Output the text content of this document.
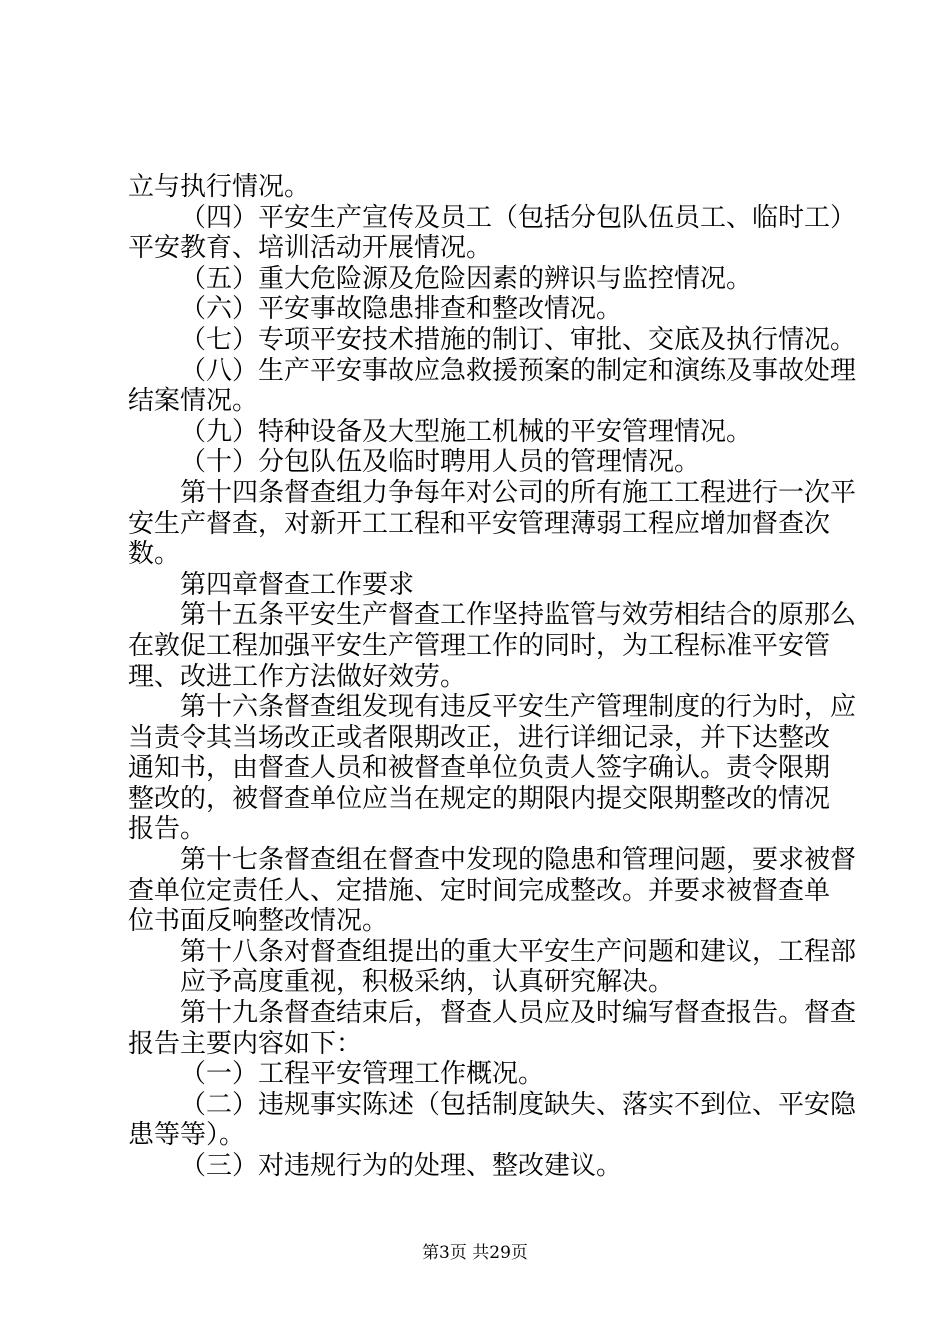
立与执行情况。
（四）平安生产宣传及员工（包括分包队伍员工、临时工）
平安教育、培训活动开展情况。
（五）重大危险源及危险因素的辨识与监控情况。
（六）平安事故隐患排查和整改情况。
（七）专项平安技术措施的制订、审批、交底及执行情况。
（八）生产平安事故应急救援预案的制定和演练及事故处理
结案情况。
（九）特种设备及大型施工机械的平安管理情况。
（十）分包队伍及临时聘用人员的管理情况。
第十四条督查组力争每年对公司的所有施工工程进行一次平
安生产督查，对新开工工程和平安管理薄弱工程应增加督查次
数。
第四章督查工作要求
第十五条平安生产督查工作坚持监管与效劳相结合的原那么
在敦促工程加强平安生产管理工作的同时，为工程标准平安管
理、改进工作方法做好效劳。
第十六条督查组发现有违反平安生产管理制度的行为时，应
当责令其当场改正或者限期改正，进行详细记录，并下达整改
通知书，由督查人员和被督查单位负责人签字确认。责令限期
整改的，被督查单位应当在规定的期限内提交限期整改的情况
报告。
第十七条督查组在督查中发现的隐患和管理问题，要求被督
查单位定责任人、定措施、定时间完成整改。并要求被督查单
位书面反响整改情况。
第十八条对督查组提出的重大平安生产问题和建议，工程部
应予高度重视，积极采纳，认真研究解决。
第十九条督查结束后，督查人员应及时编写督查报告。督查
报告主要内容如下：
（一）工程平安管理工作概况。
（二）违规事实陈述（包括制度缺失、落实不到位、平安隐
患等等）。
（三）对违规行为的处理、整改建议。
第3页 共29页
